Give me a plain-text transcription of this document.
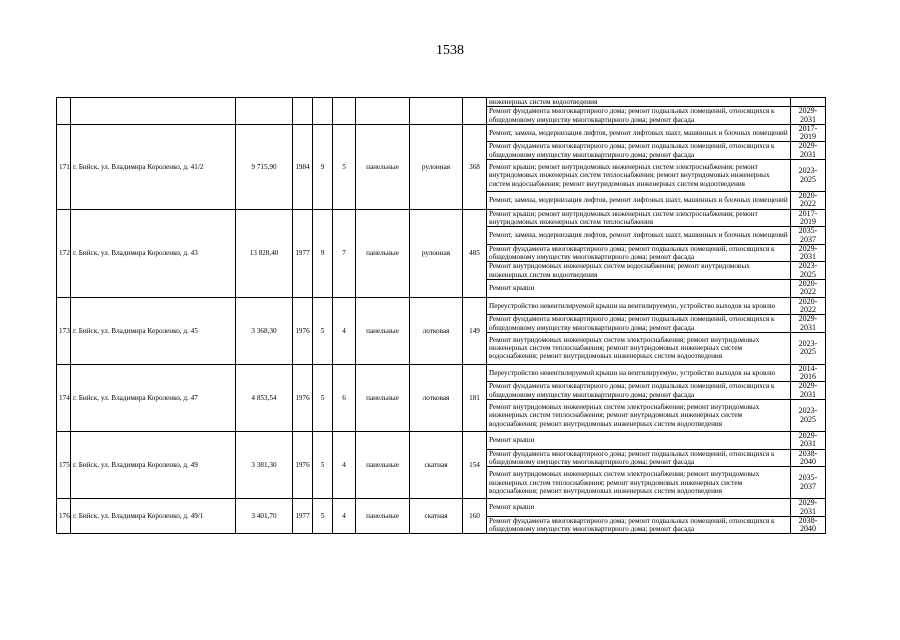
1538
									инженерных систем водоотведения	
									Ремонт фундамента многоквартирного дома; ремонт подвальных помещений, относящихся к общедомовому имуществу многоквартирного дома; ремонт фасада	2029-2031
171	г. Бийск, ул. Владимира Короленко, д. 41/2	9 715,90	1984	9	5	панельные	рулонная	368	Ремонт, замена, модернизация лифтов, ремонт лифтовых шахт, машинных и блочных помещений	2017-2019
									Ремонт фундамента многоквартирного дома; ремонт подвальных помещений, относящихся к общедомовому имуществу многоквартирного дома; ремонт фасада	2029-2031
									Ремонт крыши; ремонт внутридомовых инженерных систем электроснабжения; ремонт внутридомовых инженерных систем теплоснабжения; ремонт внутридомовых инженерных систем водоснабжения; ремонт внутридомовых инженерных систем водоотведения	2023-2025
									Ремонт, замена, модернизация лифтов, ремонт лифтовых шахт, машинных и блочных помещений	2020-2022
172	г. Бийск, ул. Владимира Короленко, д. 43	13 828,40	1977	9	7	панельные	рулонная	485	Ремонт крыши; ремонт внутридомовых инженерных систем электроснабжения; ремонт внутридомовых инженерных систем теплоснабжения	2017-2019
									Ремонт, замена, модернизация лифтов, ремонт лифтовых шахт, машинных и блочных помещений	2035-2037
									Ремонт фундамента многоквартирного дома; ремонт подвальных помещений, относящихся к общедомовому имуществу многоквартирного дома; ремонт фасада	2029-2031
									Ремонт внутридомовых инженерных систем водоснабжения; ремонт внутридомовых инженерных систем водоотведения	2023-2025
									Ремонт крыши	2020-2022
173	г. Бийск, ул. Владимира Короленко, д. 45	3 368,30	1976	5	4	панельные	лотковая	149	Переустройство невентилируемой крыши на вентилируемую, устройство выходов на кровлю	2020-2022
									Ремонт фундамента многоквартирного дома; ремонт подвальных помещений, относящихся к общедомовому имуществу многоквартирного дома; ремонт фасада	2029-2031
									Ремонт внутридомовых инженерных систем электроснабжения; ремонт внутридомовых инженерных систем теплоснабжения; ремонт внутридомовых инженерных систем водоснабжения; ремонт внутридомовых инженерных систем водоотведения	2023-2025
174	г. Бийск, ул. Владимира Короленко, д. 47	4 853,54	1976	5	6	панельные	лотковая	181	Переустройство невентилируемой крыши на вентилируемую, устройство выходов на кровлю	2014-2016
									Ремонт фундамента многоквартирного дома; ремонт подвальных помещений, относящихся к общедомовому имуществу многоквартирного дома; ремонт фасада	2029-2031
									Ремонт внутридомовых инженерных систем электроснабжения; ремонт внутридомовых инженерных систем теплоснабжения; ремонт внутридомовых инженерных систем водоснабжения; ремонт внутридомовых инженерных систем водоотведения	2023-2025
175	г. Бийск, ул. Владимира Короленко, д. 49	3 381,30	1976	5	4	панельные	скатная	154	Ремонт крыши	2029-2031
									Ремонт фундамента многоквартирного дома; ремонт подвальных помещений, относящихся к общедомовому имуществу многоквартирного дома; ремонт фасада	2038-2040
									Ремонт внутридомовых инженерных систем электроснабжения; ремонт внутридомовых инженерных систем теплоснабжения; ремонт внутридомовых инженерных систем водоснабжения; ремонт внутридомовых инженерных систем водоотведения	2035-2037
176	г. Бийск, ул. Владимира Короленко, д. 49/1	3 401,70	1977	5	4	панельные	скатная	160	Ремонт крыши	2029-2031
									Ремонт фундамента многоквартирного дома; ремонт подвальных помещений, относящихся к общедомовому имуществу многоквартирного дома; ремонт фасада	2038-2040
